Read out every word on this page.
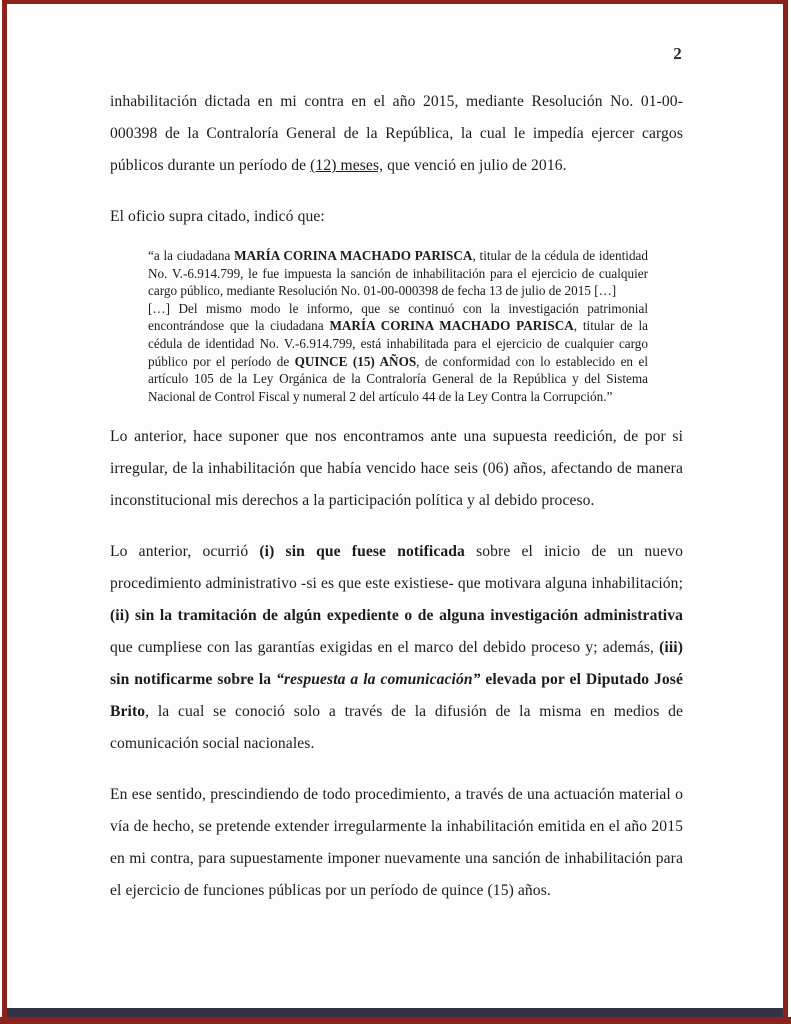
2

inhabilitación dictada en mi contra en el año 2015, mediante Resolución No. 01-00-000398 de la Contraloría General de la República, la cual le impedía ejercer cargos públicos durante un período de (12) meses, que venció en julio de 2016.

El oficio supra citado, indicó que:

“a la ciudadana MARÍA CORINA MACHADO PARISCA, titular de la cédula de identidad No. V.-6.914.799, le fue impuesta la sanción de inhabilitación para el ejercicio de cualquier cargo público, mediante Resolución No. 01-00-000398 de fecha 13 de julio de 2015 […]

[…] Del mismo modo le informo, que se continuó con la investigación patrimonial encontrándose que la ciudadana MARÍA CORINA MACHADO PARISCA, titular de la cédula de identidad No. V.-6.914.799, está inhabilitada para el ejercicio de cualquier cargo público por el período de QUINCE (15) AÑOS, de conformidad con lo establecido en el artículo 105 de la Ley Orgánica de la Contraloría General de la República y del Sistema Nacional de Control Fiscal y numeral 2 del artículo 44 de la Ley Contra la Corrupción.”

Lo anterior, hace suponer que nos encontramos ante una supuesta reedición, de por si irregular, de la inhabilitación que había vencido hace seis (06) años, afectando de manera inconstitucional mis derechos a la participación política y al debido proceso.

Lo anterior, ocurrió (i) sin que fuese notificada sobre el inicio de un nuevo procedimiento administrativo -si es que este existiese- que motivara alguna inhabilitación; (ii) sin la tramitación de algún expediente o de alguna investigación administrativa que cumpliese con las garantías exigidas en el marco del debido proceso y; además, (iii) sin notificarme sobre la “respuesta a la comunicación” elevada por el Diputado José Brito, la cual se conoció solo a través de la difusión de la misma en medios de comunicación social nacionales.

En ese sentido, prescindiendo de todo procedimiento, a través de una actuación material o vía de hecho, se pretende extender irregularmente la inhabilitación emitida en el año 2015 en mi contra, para supuestamente imponer nuevamente una sanción de inhabilitación para el ejercicio de funciones públicas por un período de quince (15) años.
